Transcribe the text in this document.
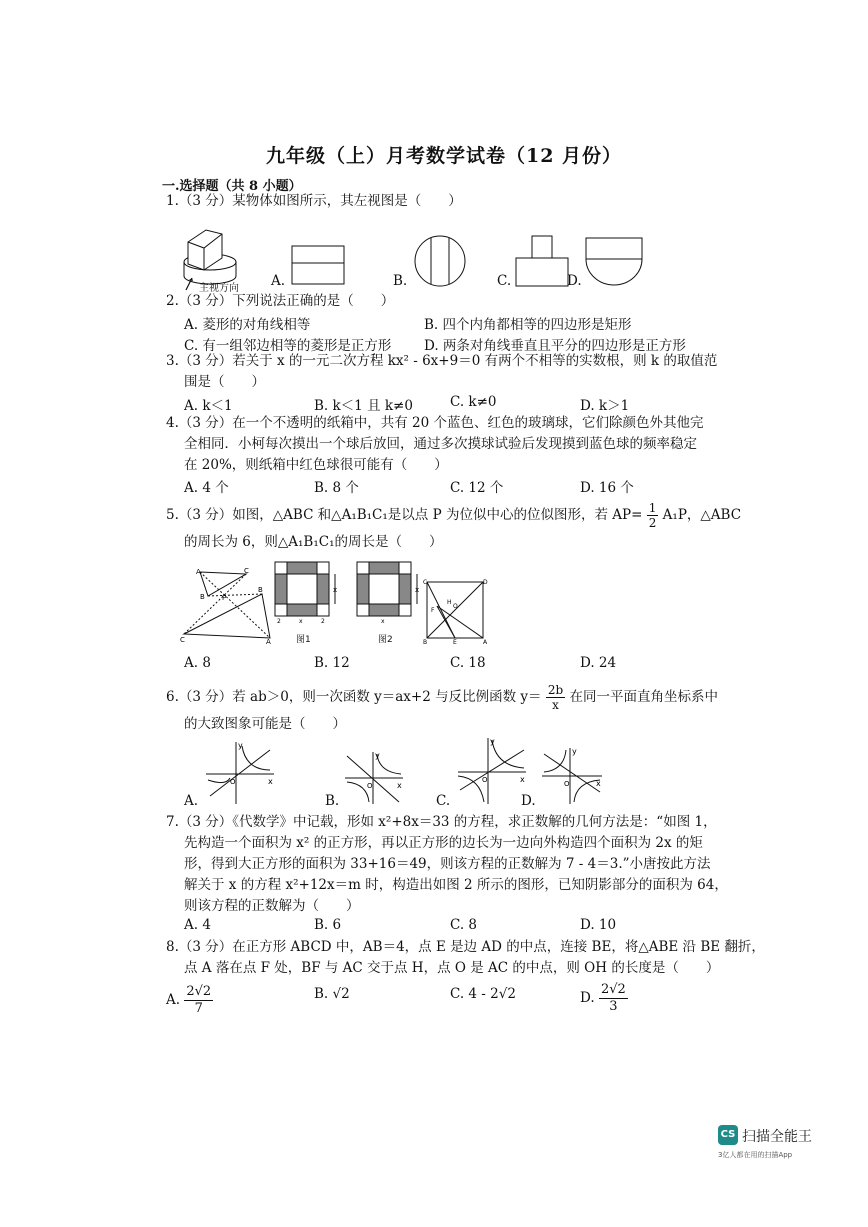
九年级（上）月考数学试卷（12 月份）
一.选择题（共 8 小题）
1.（3 分）某物体如图所示，其左视图是（　　）
主视方向 A.	B.	C.	D.
2.（3 分）下列说法正确的是（　　）
A. 菱形的对角线相等	B. 四个内角都相等的四边形是矩形
C. 有一组邻边相等的菱形是正方形 D. 两条对角线垂直且平分的四边形是正方形
3.（3 分）若关于 x 的一元二次方程 kx² - 6x+9＝0 有两个不相等的实数根，则 k 的取值范
围是（　　）
A. k＜1	B. k＜1 且 k≠0	C. k≠0	D. k＞1
4.（3 分）在一个不透明的纸箱中，共有 20 个蓝色、红色的玻璃球，它们除颜色外其他完
全相同．小柯每次摸出一个球后放回，通过多次摸球试验后发现摸到蓝色球的频率稳定
在 20%，则纸箱中红色球很可能有（　　）
A. 4 个	B. 8 个	C. 12 个	D. 16 个
5.（3 分）如图，△ABC 和△A₁B₁C₁是以点 P 为位似中心的位似图形，若 $AP= \frac{1}{2} A_1P$，△ABC
的周长为 6，则△A₁B₁C₁的周长是（　　）
A	C
B
B
P
C	A
x
2	x	2
图1
x
x
图2
C	D
B	E	A
F
H
O
A. 8	B. 12	C. 18	D. 24
6.（3 分）若 ab＞0，则一次函数 y＝ax+2 与反比例函数 $y= \frac{2b}{x}$ 在同一平面直角坐标系中
的大致图象可能是（　　）
A.
y
x
O
B.
y
x
O
C.
y
x
O
D.
y
x
O
7.（3 分）《代数学》中记载，形如 x²+8x＝33 的方程，求正数解的几何方法是：“如图 1，
先构造一个面积为 x² 的正方形，再以正方形的边长为一边向外构造四个面积为 2x 的矩
形，得到大正方形的面积为 33+16＝49，则该方程的正数解为 7 - 4＝3.”小唐按此方法
解关于 x 的方程 x²+12x＝m 时，构造出如图 2 所示的图形，已知阴影部分的面积为 64，
则该方程的正数解为（　　）
A. 4	B. 6	C. 8	D. 10
8.（3 分）在正方形 ABCD 中，AB＝4，点 E 是边 AD 的中点，连接 BE，将△ABE 沿 BE 翻折，
点 A 落在点 F 处，BF 与 AC 交于点 H，点 O 是 AC 的中点，则 OH 的长度是（　　）
A. $\frac{2√2}{7}$	B. √2	C. 4 - 2√2	D. $\frac{2√2}{3}$
CS 扫描全能王
3亿人都在用的扫描App
